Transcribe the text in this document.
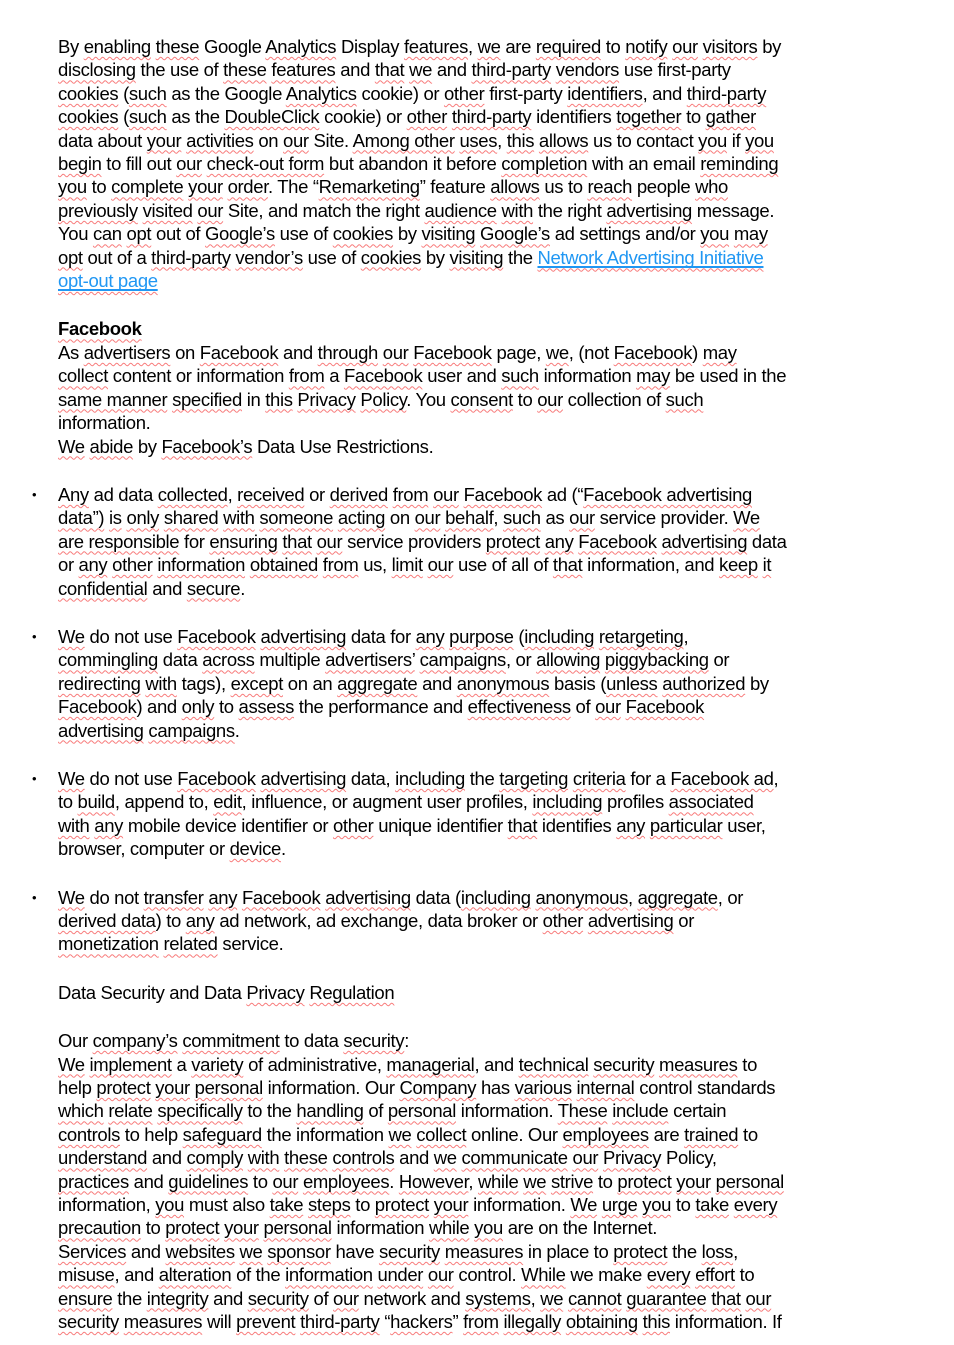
By enabling these Google Analytics Display features, we are required to notify our visitors by
disclosing the use of these features and that we and third-party vendors use first-party
cookies (such as the Google Analytics cookie) or other first-party identifiers, and third-party
cookies (such as the DoubleClick cookie) or other third-party identifiers together to gather
data about your activities on our Site. Among other uses, this allows us to contact you if you
begin to fill out our check-out form but abandon it before completion with an email reminding
you to complete your order. The “Remarketing” feature allows us to reach people who
previously visited our Site, and match the right audience with the right advertising message.
You can opt out of Google’s use of cookies by visiting Google’s ad settings and/or you may
opt out of a third-party vendor’s use of cookies by visiting the Network Advertising Initiative
opt-out page
Facebook
As advertisers on Facebook and through our Facebook page, we, (not Facebook) may
collect content or information from a Facebook user and such information may be used in the
same manner specified in this Privacy Policy. You consent to our collection of such
information.
We abide by Facebook’s Data Use Restrictions.
•	Any ad data collected, received or derived from our Facebook ad (“Facebook advertising
data”) is only shared with someone acting on our behalf, such as our service provider. We
are responsible for ensuring that our service providers protect any Facebook advertising data
or any other information obtained from us, limit our use of all of that information, and keep it
confidential and secure.
•	We do not use Facebook advertising data for any purpose (including retargeting,
commingling data across multiple advertisers’ campaigns, or allowing piggybacking or
redirecting with tags), except on an aggregate and anonymous basis (unless authorized by
Facebook) and only to assess the performance and effectiveness of our Facebook
advertising campaigns.
•	We do not use Facebook advertising data, including the targeting criteria for a Facebook ad,
to build, append to, edit, influence, or augment user profiles, including profiles associated
with any mobile device identifier or other unique identifier that identifies any particular user,
browser, computer or device.
•	We do not transfer any Facebook advertising data (including anonymous, aggregate, or
derived data) to any ad network, ad exchange, data broker or other advertising or
monetization related service.
Data Security and Data Privacy Regulation
Our company’s commitment to data security:
We implement a variety of administrative, managerial, and technical security measures to
help protect your personal information. Our Company has various internal control standards
which relate specifically to the handling of personal information. These include certain
controls to help safeguard the information we collect online. Our employees are trained to
understand and comply with these controls and we communicate our Privacy Policy,
practices and guidelines to our employees. However, while we strive to protect your personal
information, you must also take steps to protect your information. We urge you to take every
precaution to protect your personal information while you are on the Internet.
Services and websites we sponsor have security measures in place to protect the loss,
misuse, and alteration of the information under our control. While we make every effort to
ensure the integrity and security of our network and systems, we cannot guarantee that our
security measures will prevent third-party “hackers” from illegally obtaining this information. If
